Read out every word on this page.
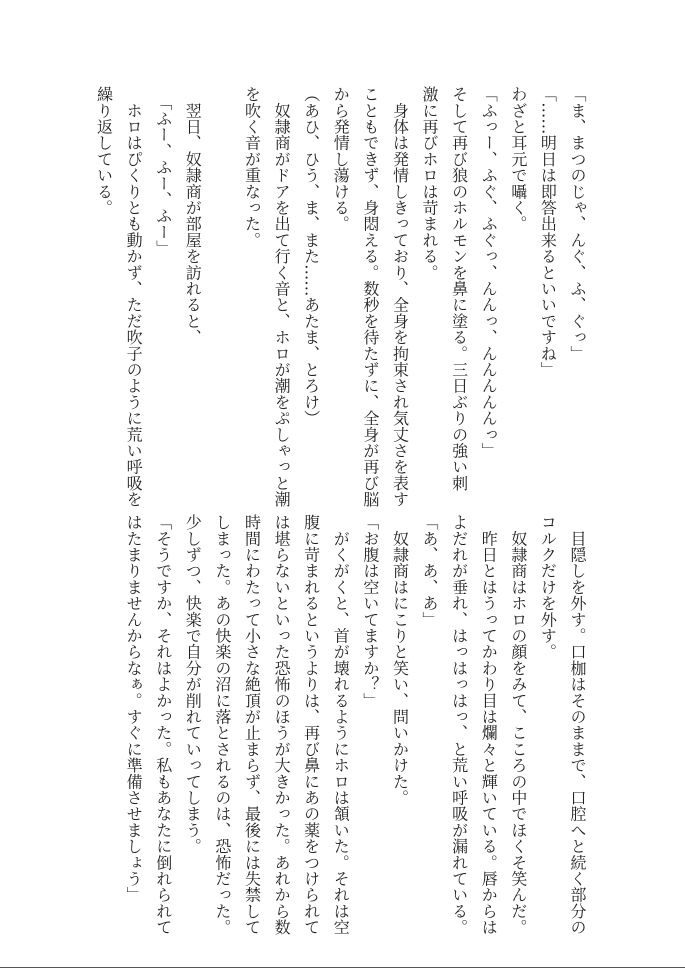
「ま、まつのじゃ、んぐ、ふ、ぐっ」
「……明日は即答出来るといいですね」
わざと耳元で囁く。
「ふっー、ふぐ、ふぐっ、んんっ、んんんんんっ」
そして再び狼のホルモンを鼻に塗る。三日ぶりの強い刺
激に再びホロは苛まれる。
　身体は発情しきっており、全身を拘束され気丈さを表す
こともできず、身悶える。数秒を待たずに、全身が再び脳
から発情し蕩ける。
（あひ、ひう、ま、また……あたま、とろけ）
　奴隷商がドアを出て行く音と、ホロが潮をぷしゃっと潮
を吹く音が重なった。
　翌日、奴隷商が部屋を訪れると、
　「ふー、ふー、ふー」
　ホロはぴくりとも動かず、ただ吹子のように荒い呼吸を
繰り返している。
　目隠しを外す。口枷はそのままで、口腔へと続く部分の
コルクだけを外す。
　奴隷商はホロの顔をみて、こころの中でほくそ笑んだ。
　昨日とはうってかわり目は爛々と輝いている。唇からは
よだれが垂れ、はっはっはっ、と荒い呼吸が漏れている。
「あ、あ、あ」
　奴隷商はにこりと笑い、問いかけた。
「お腹は空いてますか？」
　がくがくと、首が壊れるようにホロは頷いた。それは空
腹に苛まれるというよりは、再び鼻にあの薬をつけられて
は堪らないといった恐怖のほうが大きかった。あれから数
時間にわたって小さな絶頂が止まらず、最後には失禁して
しまった。あの快楽の沼に落とされるのは、恐怖だった。
少しずつ、快楽で自分が削れていってしまう。
「そうですか、それはよかった。私もあなたに倒れられて
はたまりませんからなぁ。すぐに準備させましょう」
